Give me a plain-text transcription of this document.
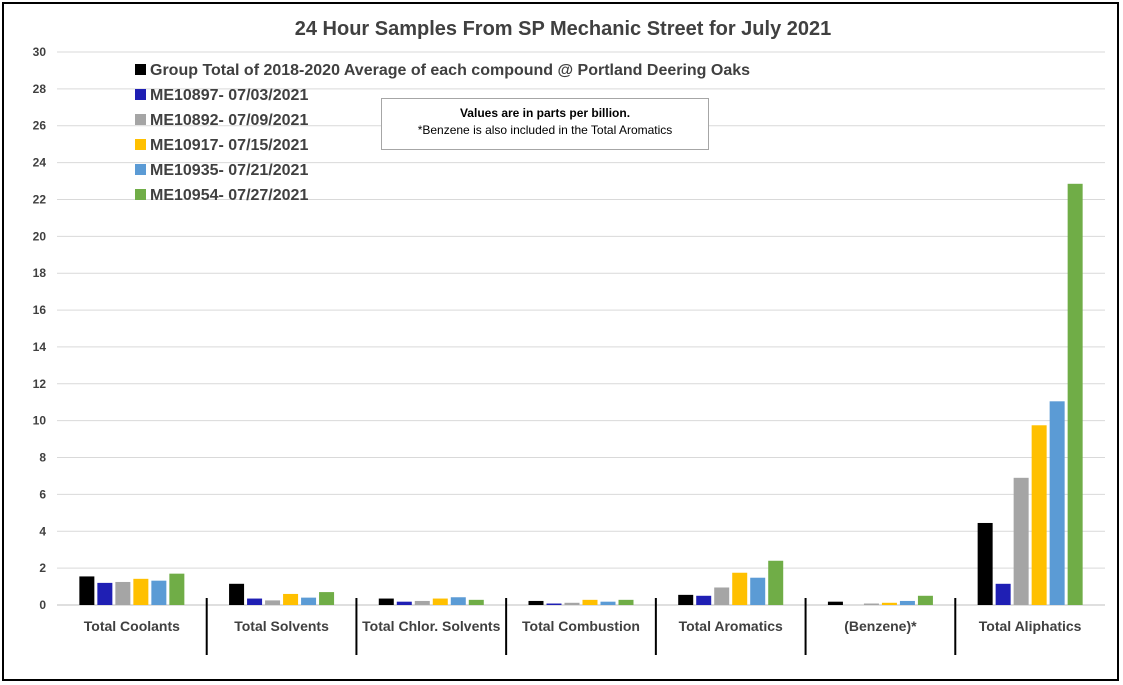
24 Hour Samples From SP Mechanic Street for July 2021
0
2
4
6
8
10
12
14
16
18
20
22
24
26
28
30
Total Coolants	Total Solvents Total Chlor. Solvents Total Combustion	Total Aromatics	(Benzene)*	Total Aliphatics
Group Total of 2018-2020 Average of each compound @ Portland Deering Oaks
ME10897- 07/03/2021
ME10892- 07/09/2021
ME10917- 07/15/2021
ME10935- 07/21/2021
ME10954- 07/27/2021
Values are in parts per billion.
*Benzene is also included in the Total Aromatics
